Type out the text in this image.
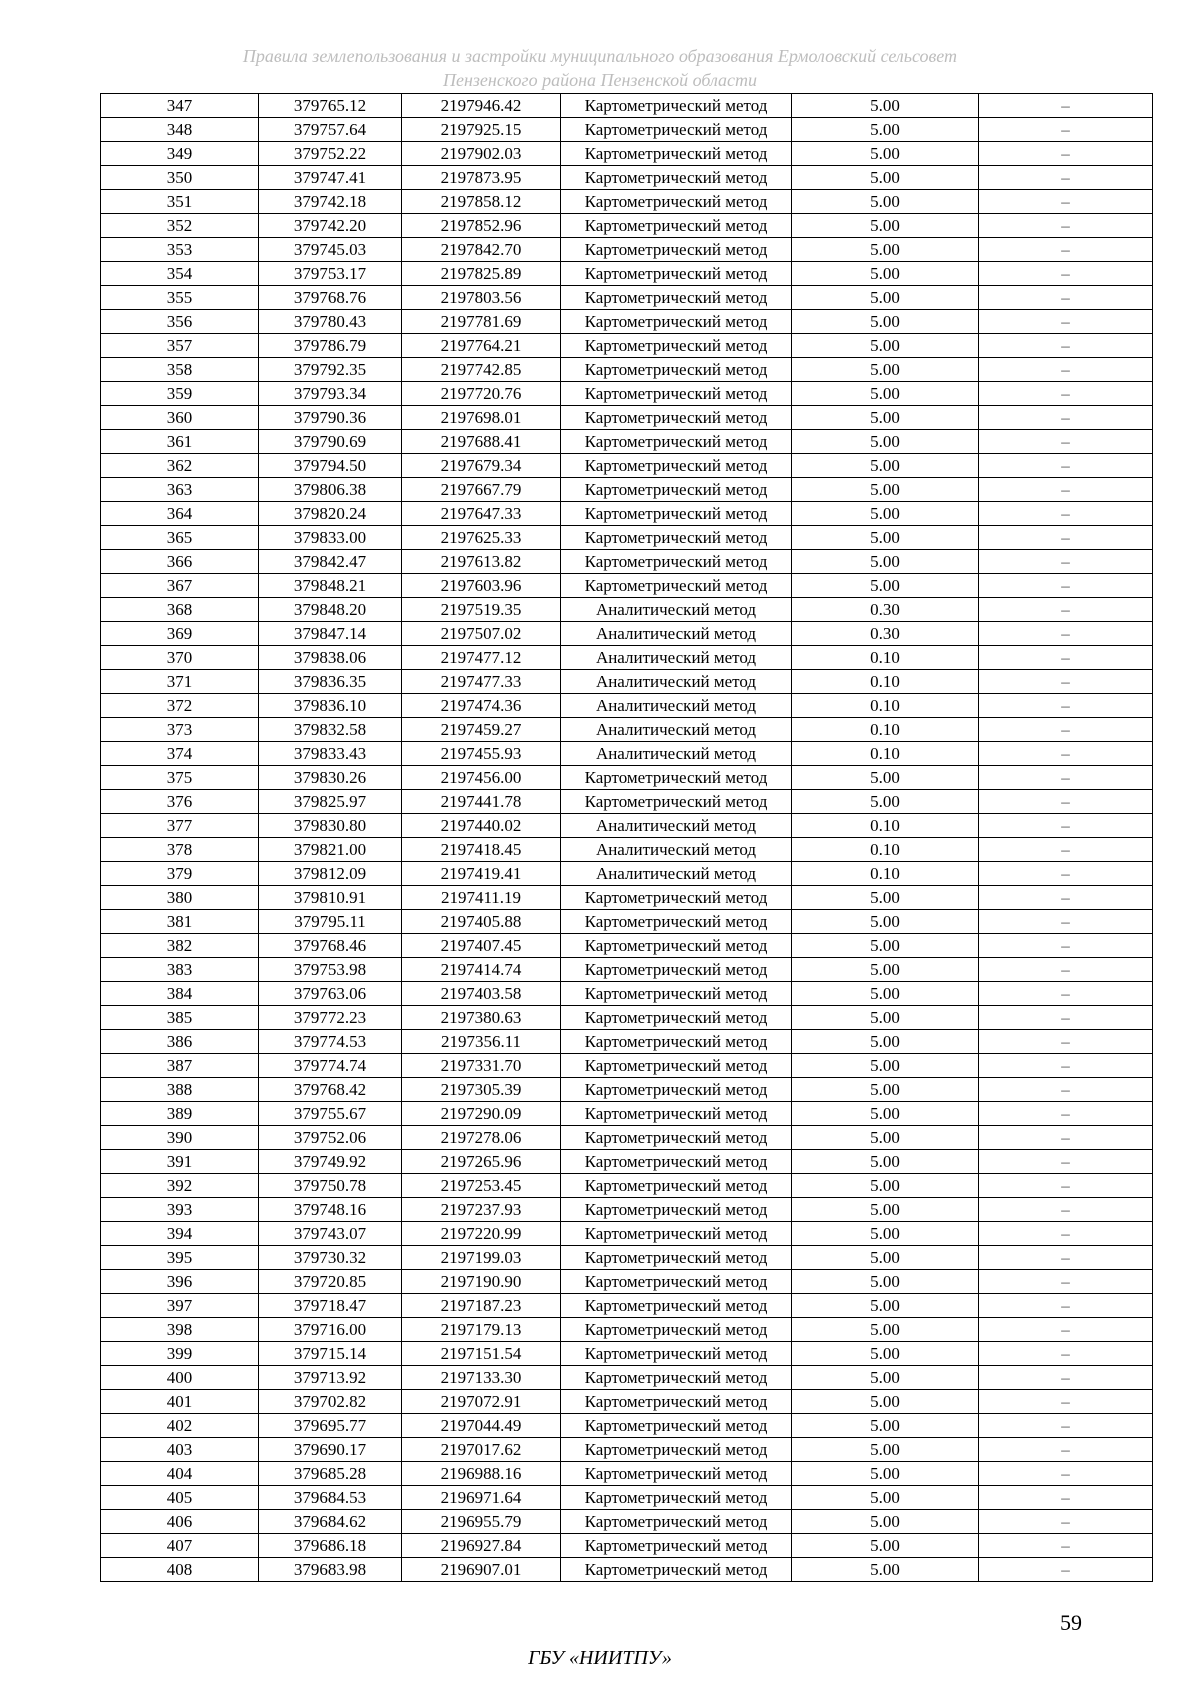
Правила землепользования и застройки муниципального образования Ермоловский сельсовет
Пензенского района Пензенской области
347	379765.12	2197946.42	Картометрический метод	5.00	–
348	379757.64	2197925.15	Картометрический метод	5.00	–
349	379752.22	2197902.03	Картометрический метод	5.00	–
350	379747.41	2197873.95	Картометрический метод	5.00	–
351	379742.18	2197858.12	Картометрический метод	5.00	–
352	379742.20	2197852.96	Картометрический метод	5.00	–
353	379745.03	2197842.70	Картометрический метод	5.00	–
354	379753.17	2197825.89	Картометрический метод	5.00	–
355	379768.76	2197803.56	Картометрический метод	5.00	–
356	379780.43	2197781.69	Картометрический метод	5.00	–
357	379786.79	2197764.21	Картометрический метод	5.00	–
358	379792.35	2197742.85	Картометрический метод	5.00	–
359	379793.34	2197720.76	Картометрический метод	5.00	–
360	379790.36	2197698.01	Картометрический метод	5.00	–
361	379790.69	2197688.41	Картометрический метод	5.00	–
362	379794.50	2197679.34	Картометрический метод	5.00	–
363	379806.38	2197667.79	Картометрический метод	5.00	–
364	379820.24	2197647.33	Картометрический метод	5.00	–
365	379833.00	2197625.33	Картометрический метод	5.00	–
366	379842.47	2197613.82	Картометрический метод	5.00	–
367	379848.21	2197603.96	Картометрический метод	5.00	–
368	379848.20	2197519.35	Аналитический метод	0.30	–
369	379847.14	2197507.02	Аналитический метод	0.30	–
370	379838.06	2197477.12	Аналитический метод	0.10	–
371	379836.35	2197477.33	Аналитический метод	0.10	–
372	379836.10	2197474.36	Аналитический метод	0.10	–
373	379832.58	2197459.27	Аналитический метод	0.10	–
374	379833.43	2197455.93	Аналитический метод	0.10	–
375	379830.26	2197456.00	Картометрический метод	5.00	–
376	379825.97	2197441.78	Картометрический метод	5.00	–
377	379830.80	2197440.02	Аналитический метод	0.10	–
378	379821.00	2197418.45	Аналитический метод	0.10	–
379	379812.09	2197419.41	Аналитический метод	0.10	–
380	379810.91	2197411.19	Картометрический метод	5.00	–
381	379795.11	2197405.88	Картометрический метод	5.00	–
382	379768.46	2197407.45	Картометрический метод	5.00	–
383	379753.98	2197414.74	Картометрический метод	5.00	–
384	379763.06	2197403.58	Картометрический метод	5.00	–
385	379772.23	2197380.63	Картометрический метод	5.00	–
386	379774.53	2197356.11	Картометрический метод	5.00	–
387	379774.74	2197331.70	Картометрический метод	5.00	–
388	379768.42	2197305.39	Картометрический метод	5.00	–
389	379755.67	2197290.09	Картометрический метод	5.00	–
390	379752.06	2197278.06	Картометрический метод	5.00	–
391	379749.92	2197265.96	Картометрический метод	5.00	–
392	379750.78	2197253.45	Картометрический метод	5.00	–
393	379748.16	2197237.93	Картометрический метод	5.00	–
394	379743.07	2197220.99	Картометрический метод	5.00	–
395	379730.32	2197199.03	Картометрический метод	5.00	–
396	379720.85	2197190.90	Картометрический метод	5.00	–
397	379718.47	2197187.23	Картометрический метод	5.00	–
398	379716.00	2197179.13	Картометрический метод	5.00	–
399	379715.14	2197151.54	Картометрический метод	5.00	–
400	379713.92	2197133.30	Картометрический метод	5.00	–
401	379702.82	2197072.91	Картометрический метод	5.00	–
402	379695.77	2197044.49	Картометрический метод	5.00	–
403	379690.17	2197017.62	Картометрический метод	5.00	–
404	379685.28	2196988.16	Картометрический метод	5.00	–
405	379684.53	2196971.64	Картометрический метод	5.00	–
406	379684.62	2196955.79	Картометрический метод	5.00	–
407	379686.18	2196927.84	Картометрический метод	5.00	–
408	379683.98	2196907.01	Картометрический метод	5.00	–
59
ГБУ «НИИТПУ»
